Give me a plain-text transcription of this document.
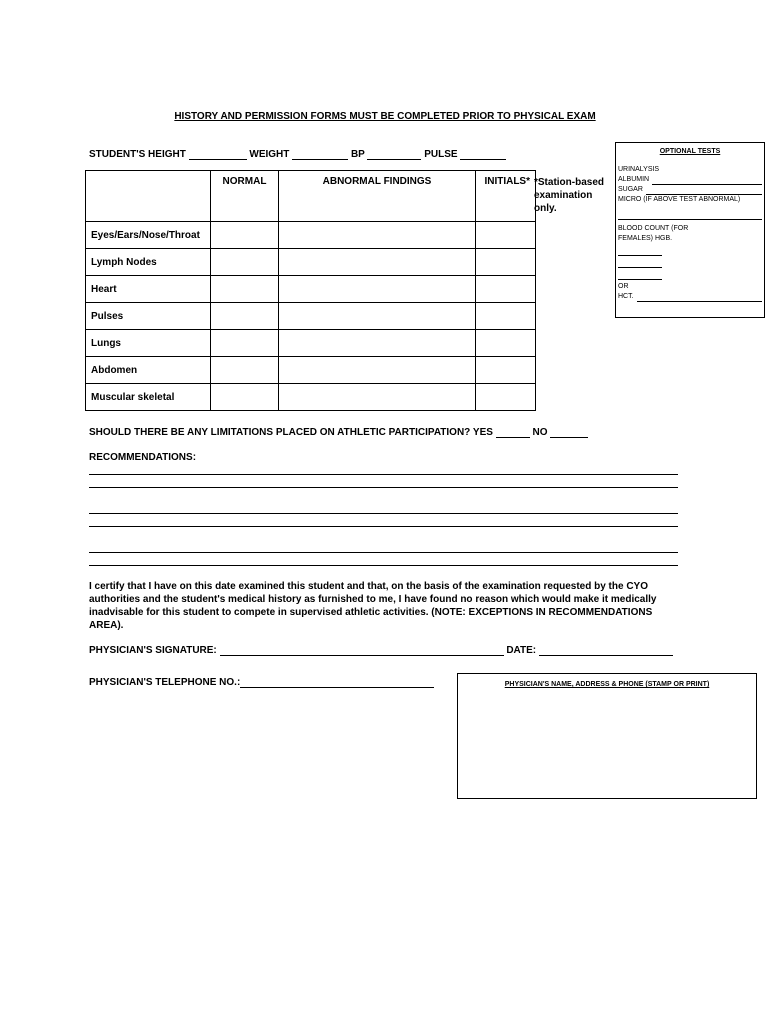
HISTORY AND PERMISSION FORMS MUST BE COMPLETED PRIOR TO PHYSICAL EXAM
STUDENT'S HEIGHT	WEIGHT	BP	PULSE
	NORMAL	ABNORMAL FINDINGS	INITIALS*
Eyes/Ears/Nose/Throat			
Lymph Nodes			
Heart			
Pulses			
Lungs			
Abdomen			
Muscular skeletal			
*Station-based examination only.
OPTIONAL TESTS
URINALYSIS
ALBUMIN
SUGAR
MICRO (IF ABOVE TEST ABNORMAL)
BLOOD COUNT (FOR FEMALES) HGB.
OR
HCT.
SHOULD THERE BE ANY LIMITATIONS PLACED ON ATHLETIC PARTICIPATION? YES	NO
RECOMMENDATIONS:
I certify that I have on this date examined this student and that, on the basis of the examination requested by the CYO authorities and the student's medical history as furnished to me, I have found no reason which would make it medically inadvisable for this student to compete in supervised athletic activities. (NOTE: EXCEPTIONS IN RECOMMENDATIONS AREA).
PHYSICIAN'S SIGNATURE:	DATE:
PHYSICIAN'S TELEPHONE NO.:	PHYSICIAN'S NAME, ADDRESS & PHONE (STAMP OR PRINT)
